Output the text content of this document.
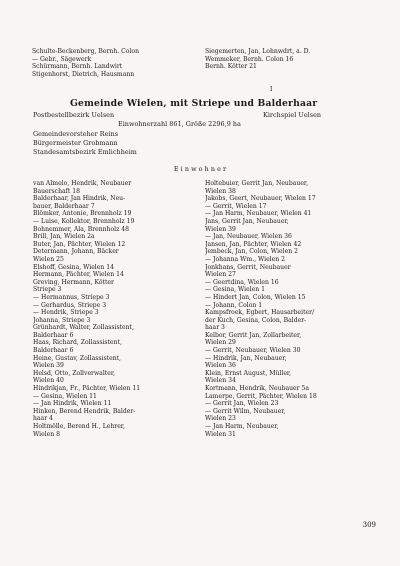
Schulte-Beckenberg, Bernh. Colon
— Gebr., Sägewerk
Schürmann, Bernh. Landwirt
Stigenhorst, Dietrich, Hausmann
Siegemerten, Jan, Lohnwdrt, a. D.
Wemmeker, Bernh. Colon 16
Bernh. Kötter 21
I
Gemeinde Wielen, mit Striepe und Balderhaar
Postbestellbezirk Uelsen	Kirchspiel Uelsen
Einwohnerzahl 861, Größe 2296,9 ha
Gemeindevorsteher Reins
Bürgermeister Grobmann
Standesamtsbezirk Emlichheim
E i n w o h n e r
van Almelo, Hendrik, Neubauer
Bauerschaft 18
Balderhaar, Jan Hindrik, Neu-
bauer, Balderhaar 7
Blömker, Antonie, Brennholz 19
— Luise, Kollektor, Brennholz 19
Bohnemmer, Ala, Brennholz 48
Brill, Jan, Wielen 2a
Buter, Jan, Pächter, Wielen 12
Determann, Johann, Bäcker
Wielen 25
Elshoff, Gesina, Wielen 14
Hermann, Pächter, Wielen 14
Greving, Hermann, Kötter
Striepe 3
— Hermannus, Striepe 3
— Gerhardus, Striepe 3
— Hendrik, Striepe 3
Johanna, Striepe 3
Grünhardt, Walter, Zollassistent,
Balderhaar 6
Haas, Richard, Zollassistent,
Balderhaar 6
Heine, Gustav, Zollassistent,
Wielen 39
Helsd, Otto, Zollverwalter,
Wielen 40
Hindrikjan, Fr., Pächter, Wielen 11
— Gesina, Wielen 11
— Jan Hindrik, Wielen 11
Hinken, Berend Hendrik, Balder-
haar 4
Holtmölle, Berend H., Lehrer,
Wielen 8
Holtebuier, Gerrit Jan, Neubauer,
Wielen 38
Jakobs, Geert, Neubauer, Wielen 17
— Gerrit, Wielen 17
— Jan Harm, Neubauer, Wielen 41
Jans, Gerrit Jan, Neubauer,
Wielen 39
— Jan, Neubauer, Wielen 36
Jansen, Jan, Pächter, Wielen 42
Jembeck, Jan, Colon, Wielen 2
— Johanna Wm., Wielen 2
Jonkhans, Gerrit, Neubauer
Wielen 27
— Geertdina, Wielen 16
— Gesina, Wielen 1
— Hindert Jan, Colon, Wielen 15
— Johann, Colon 1
Kampsfroek, Egbert, Hausarbeiter/
der Kuch, Gesina, Colon, Balder-
haar 3
Kelbor, Gerrit Jan, Zollarbeiter,
Wielen 29
— Gerrit, Neubauer, Wielen 30
— Hindrik, Jan, Neubauer,
Wielen 36
Klein, Ernst August, Müller,
Wielen 34
Kortmann, Hendrik, Neubauer 5a
Lamerpe, Gerrit, Pächter, Wielen 18
— Gerrit Jan, Wielen 23
— Gerrit Wilm, Neubauer,
Wielen 23
— Jan Harm, Neubauer,
Wielen 31
309
